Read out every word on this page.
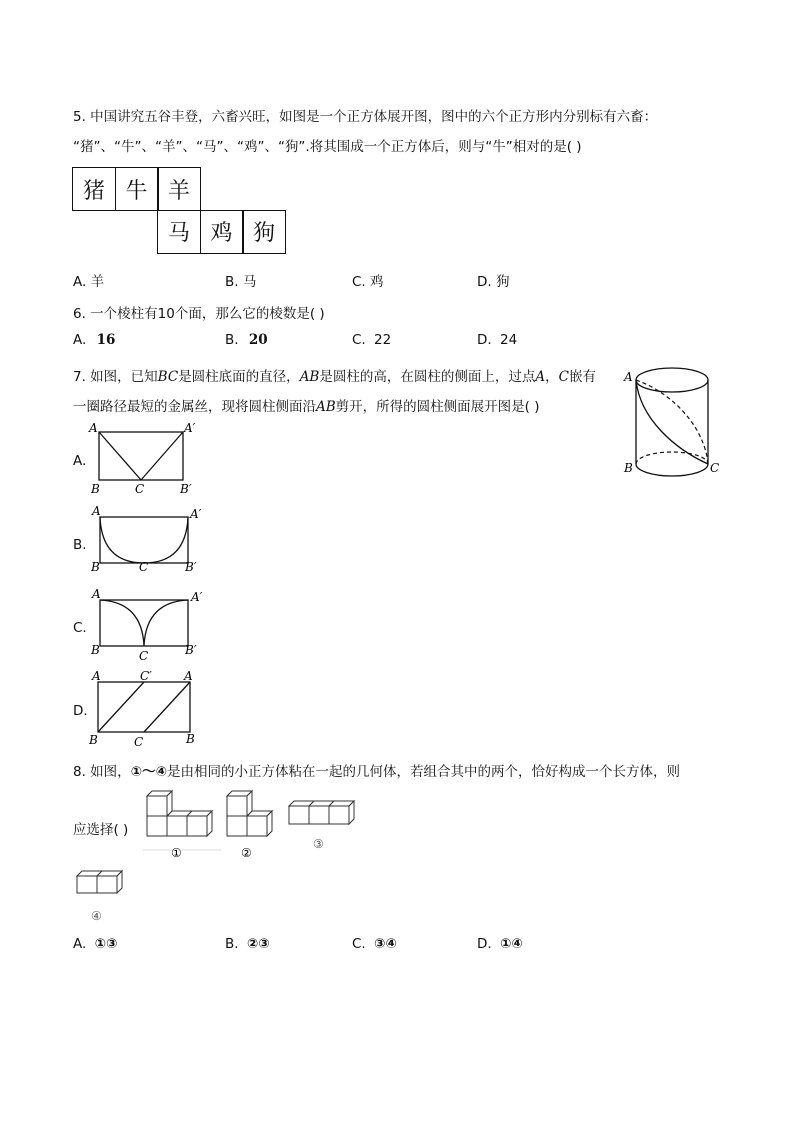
5. 中国讲究五谷丰登，六畜兴旺，如图是一个正方体展开图，图中的六个正方形内分别标有六畜：
“猪”、“牛”、“羊”、“马”、“鸡”、“狗”.将其围成一个正方体后，则与“牛”相对的是( )
猪 牛 羊
马 鸡 狗
A. 羊	B. 马	C. 鸡	D. 狗
6. 一个棱柱有10个面，那么它的棱数是( )
A. 16	B. 20	C. 22	D. 24
7. 如图，已知BC是圆柱底面的直径，AB是圆柱的高，在圆柱的侧面上，过点A，C嵌有
一圈路径最短的金属丝，现将圆柱侧面沿AB剪开，所得的圆柱侧面展开图是( )
A
B	C
A.
A	A′
B	C	B′
B.
A	A′
B	C	B′
C.
A	A′
B	C	B′
D.
A	C′	A
B	C	B
8. 如图，①～④是由相同的小正方体粘在一起的几何体，若组合其中的两个，恰好构成一个长方体，则
应选择( )
①	②
③
④
A. ①③	B. ②③	C. ③④	D. ①④
